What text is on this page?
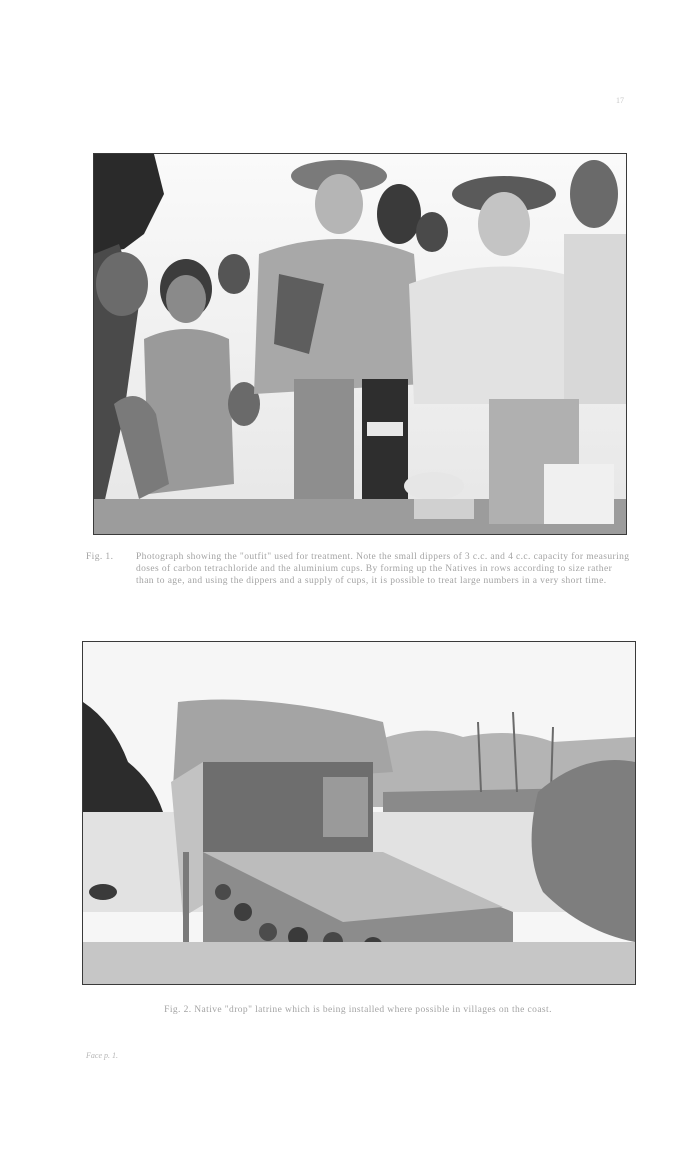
17
Fig. 1.	Photograph showing the "outfit" used for treatment. Note the small dippers of 3 c.c. and 4 c.c. capacity for measuring doses of carbon tetrachloride and the aluminium cups. By forming up the Natives in rows according to size rather than to age, and using the dippers and a supply of cups, it is possible to treat large numbers in a very short time.
Fig. 2. Native "drop" latrine which is being installed where possible in villages on the coast.
Face p. 1.
